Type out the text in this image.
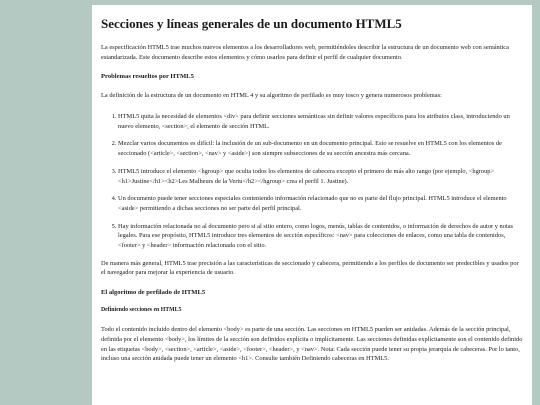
Secciones y líneas generales de un documento HTML5

La especificación HTML5 trae muchos nuevos elementos a los desarrolladores web, permitiéndoles describir la estructura de un documento web con semántica estandarizada. Este documento describe estos elementos y cómo usarlos para definir el perfil de cualquier documento.

Problemas resueltos por HTML5

La definición de la estructura de un documento en HTML 4 y su algoritmo de perfilado es muy tosco y genera numerosos problemas:

1. HTML5 quita la necesidad de elementos <div> para definir secciones semánticas sin definir valores específicos para los atributos class, introduciendo un nuevo elemento, <section>, el elemento de sección HTML.
2. Mezclar varios documentos es difícil: la inclusión de un sub-documento en un documento principal. Esto se resuelve en HTML5 con los elementos de seccionado (<article>, <section>, <nav> y <aside>) son siempre subsecciones de su sección ancestra más cercana.
3. HTML5 introduce el elemento <hgroup> que oculta todos los elementos de cabecera excepto el primero de más alto rango (por ejemplo, <hgroup><h1>Justine</h1><h2>Les Malheurs de la Vertu</h2></hgroup> crea el perfil 1. Justine).
4. Un documento puede tener secciones especiales conteniendo información relacionado que no es parte del flujo principal. HTML5 introduce el elemento <aside> permitiendo a dichas secciones no ser parte del perfil principal.
5. Hay información relacionada no al documento pero si al sitio entero, como logos, menús, tablas de contenidos, o información de derechos de autor y notas legales. Para ese propósito, HTML5 introduce tres elementos de sección específicos: <nav> para colecciones de enlaces, como una tabla de contenidos, <footer> y <header> información relacionada con el sitio.

De manera más general, HTML5 trae precisión a las características de seccionado y cabecera, permitiendo a los perfiles de documento ser predecibles y usados por el navegador para mejorar la experiencia de usuario.

El algoritmo de perfilado de HTML5
Definiendo secciones en HTML5

Todo el contenido incluido dentro del elemento <body> es parte de una sección. Las secciones en HTML5 pueden ser anidadas. Además de la sección principal, definida por el elemento <body>, los límites de la sección son definidos explícita o implícitamente. Las secciones definidas explícitamente son el contenido definido en las etiquetas <body>, <section>, <article>, <aside>, <footer>, <header>, y <nav>. Nota: Cada sección puede tener su propia jerarquía de cabeceras. Por lo tanto, incluso una sección anidada puede tener un elemento <h1>. Consulte también Definiendo cabeceras en HTML5.
